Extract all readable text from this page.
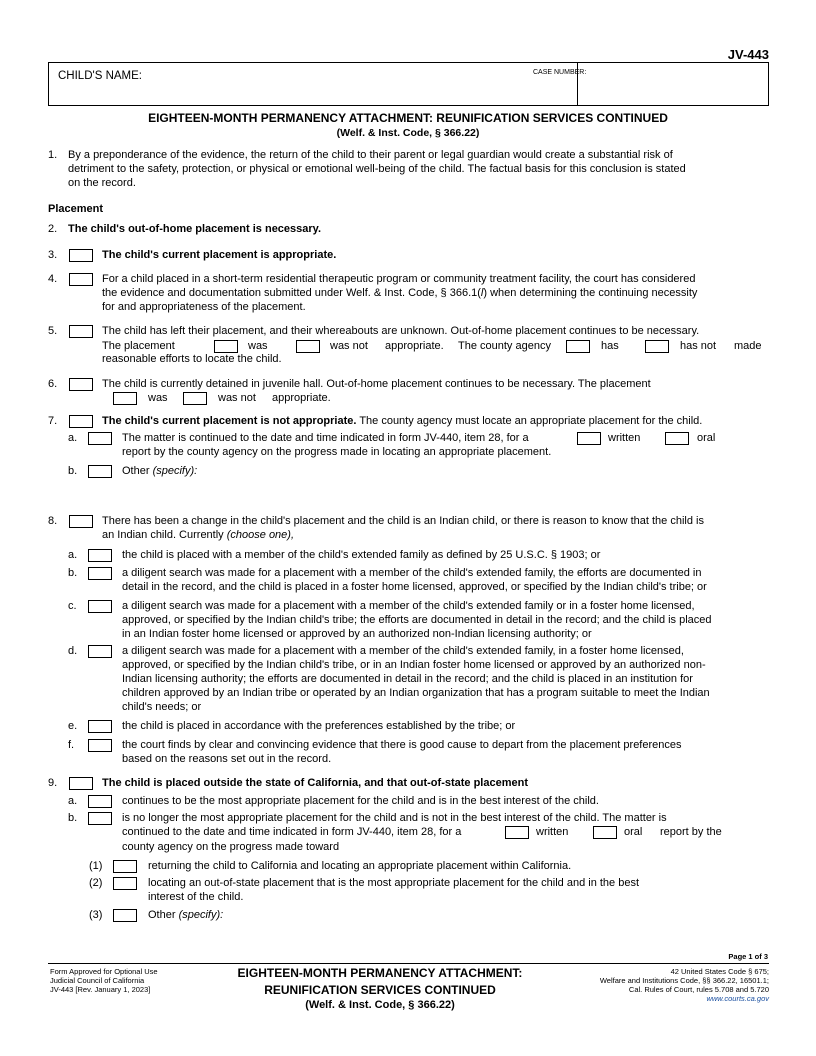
JV-443
CHILD'S NAME:	CASE NUMBER:
EIGHTEEN-MONTH PERMANENCY ATTACHMENT: REUNIFICATION SERVICES CONTINUED
(Welf. & Inst. Code, § 366.22)
1. By a preponderance of the evidence, the return of the child to their parent or legal guardian would create a substantial risk of
detriment to the safety, protection, or physical or emotional well-being of the child. The factual basis for this conclusion is stated
on the record.
Placement
2. The child's out-of-home placement is necessary.
3.	The child's current placement is appropriate.
4.	For a child placed in a short-term residential therapeutic program or community treatment facility, the court has considered
the evidence and documentation submitted under Welf. & Inst. Code, § 366.1(l) when determining the continuing necessity
for and appropriateness of the placement.
5.	The child has left their placement, and their whereabouts are unknown. Out-of-home placement continues to be necessary.
The placement	was	was not appropriate. The county agency	has	has not made
reasonable efforts to locate the child.
6.	The child is currently detained in juvenile hall. Out-of-home placement continues to be necessary. The placement
was	was not appropriate.
7.	The child's current placement is not appropriate. The county agency must locate an appropriate placement for the child.
a.	The matter is continued to the date and time indicated in form JV-440, item 28, for a	written	oral
report by the county agency on the progress made in locating an appropriate placement.
b.	Other (specify):
8.	There has been a change in the child's placement and the child is an Indian child, or there is reason to know that the child is
an Indian child. Currently (choose one),
a.	the child is placed with a member of the child's extended family as defined by 25 U.S.C. § 1903; or
b.	a diligent search was made for a placement with a member of the child's extended family, the efforts are documented in
detail in the record, and the child is placed in a foster home licensed, approved, or specified by the Indian child's tribe; or
c.	a diligent search was made for a placement with a member of the child's extended family or in a foster home licensed,
approved, or specified by the Indian child's tribe; the efforts are documented in detail in the record; and the child is placed
in an Indian foster home licensed or approved by an authorized non-Indian licensing authority; or
d.	a diligent search was made for a placement with a member of the child's extended family, in a foster home licensed,
approved, or specified by the Indian child's tribe, or in an Indian foster home licensed or approved by an authorized non-
Indian licensing authority; the efforts are documented in detail in the record; and the child is placed in an institution for
children approved by an Indian tribe or operated by an Indian organization that has a program suitable to meet the Indian
child's needs; or
e.	the child is placed in accordance with the preferences established by the tribe; or
f.	the court finds by clear and convincing evidence that there is good cause to depart from the placement preferences
based on the reasons set out in the record.
9.	The child is placed outside the state of California, and that out-of-state placement
a.	continues to be the most appropriate placement for the child and is in the best interest of the child.
b.	is no longer the most appropriate placement for the child and is not in the best interest of the child. The matter is
continued to the date and time indicated in form JV-440, item 28, for a	written	oral report by the
county agency on the progress made toward
(1)	returning the child to California and locating an appropriate placement within California.
(2)	locating an out-of-state placement that is the most appropriate placement for the child and in the best
interest of the child.
(3)	Other (specify):
Page 1 of 3
Form Approved for Optional Use
Judicial Council of California
JV-443 [Rev. January 1, 2023]
EIGHTEEN-MONTH PERMANENCY ATTACHMENT:
REUNIFICATION SERVICES CONTINUED
(Welf. & Inst. Code, § 366.22)
42 United States Code § 675;
Welfare and Institutions Code, §§ 366.22, 16501.1;
Cal. Rules of Court, rules 5.708 and 5.720
www.courts.ca.gov
